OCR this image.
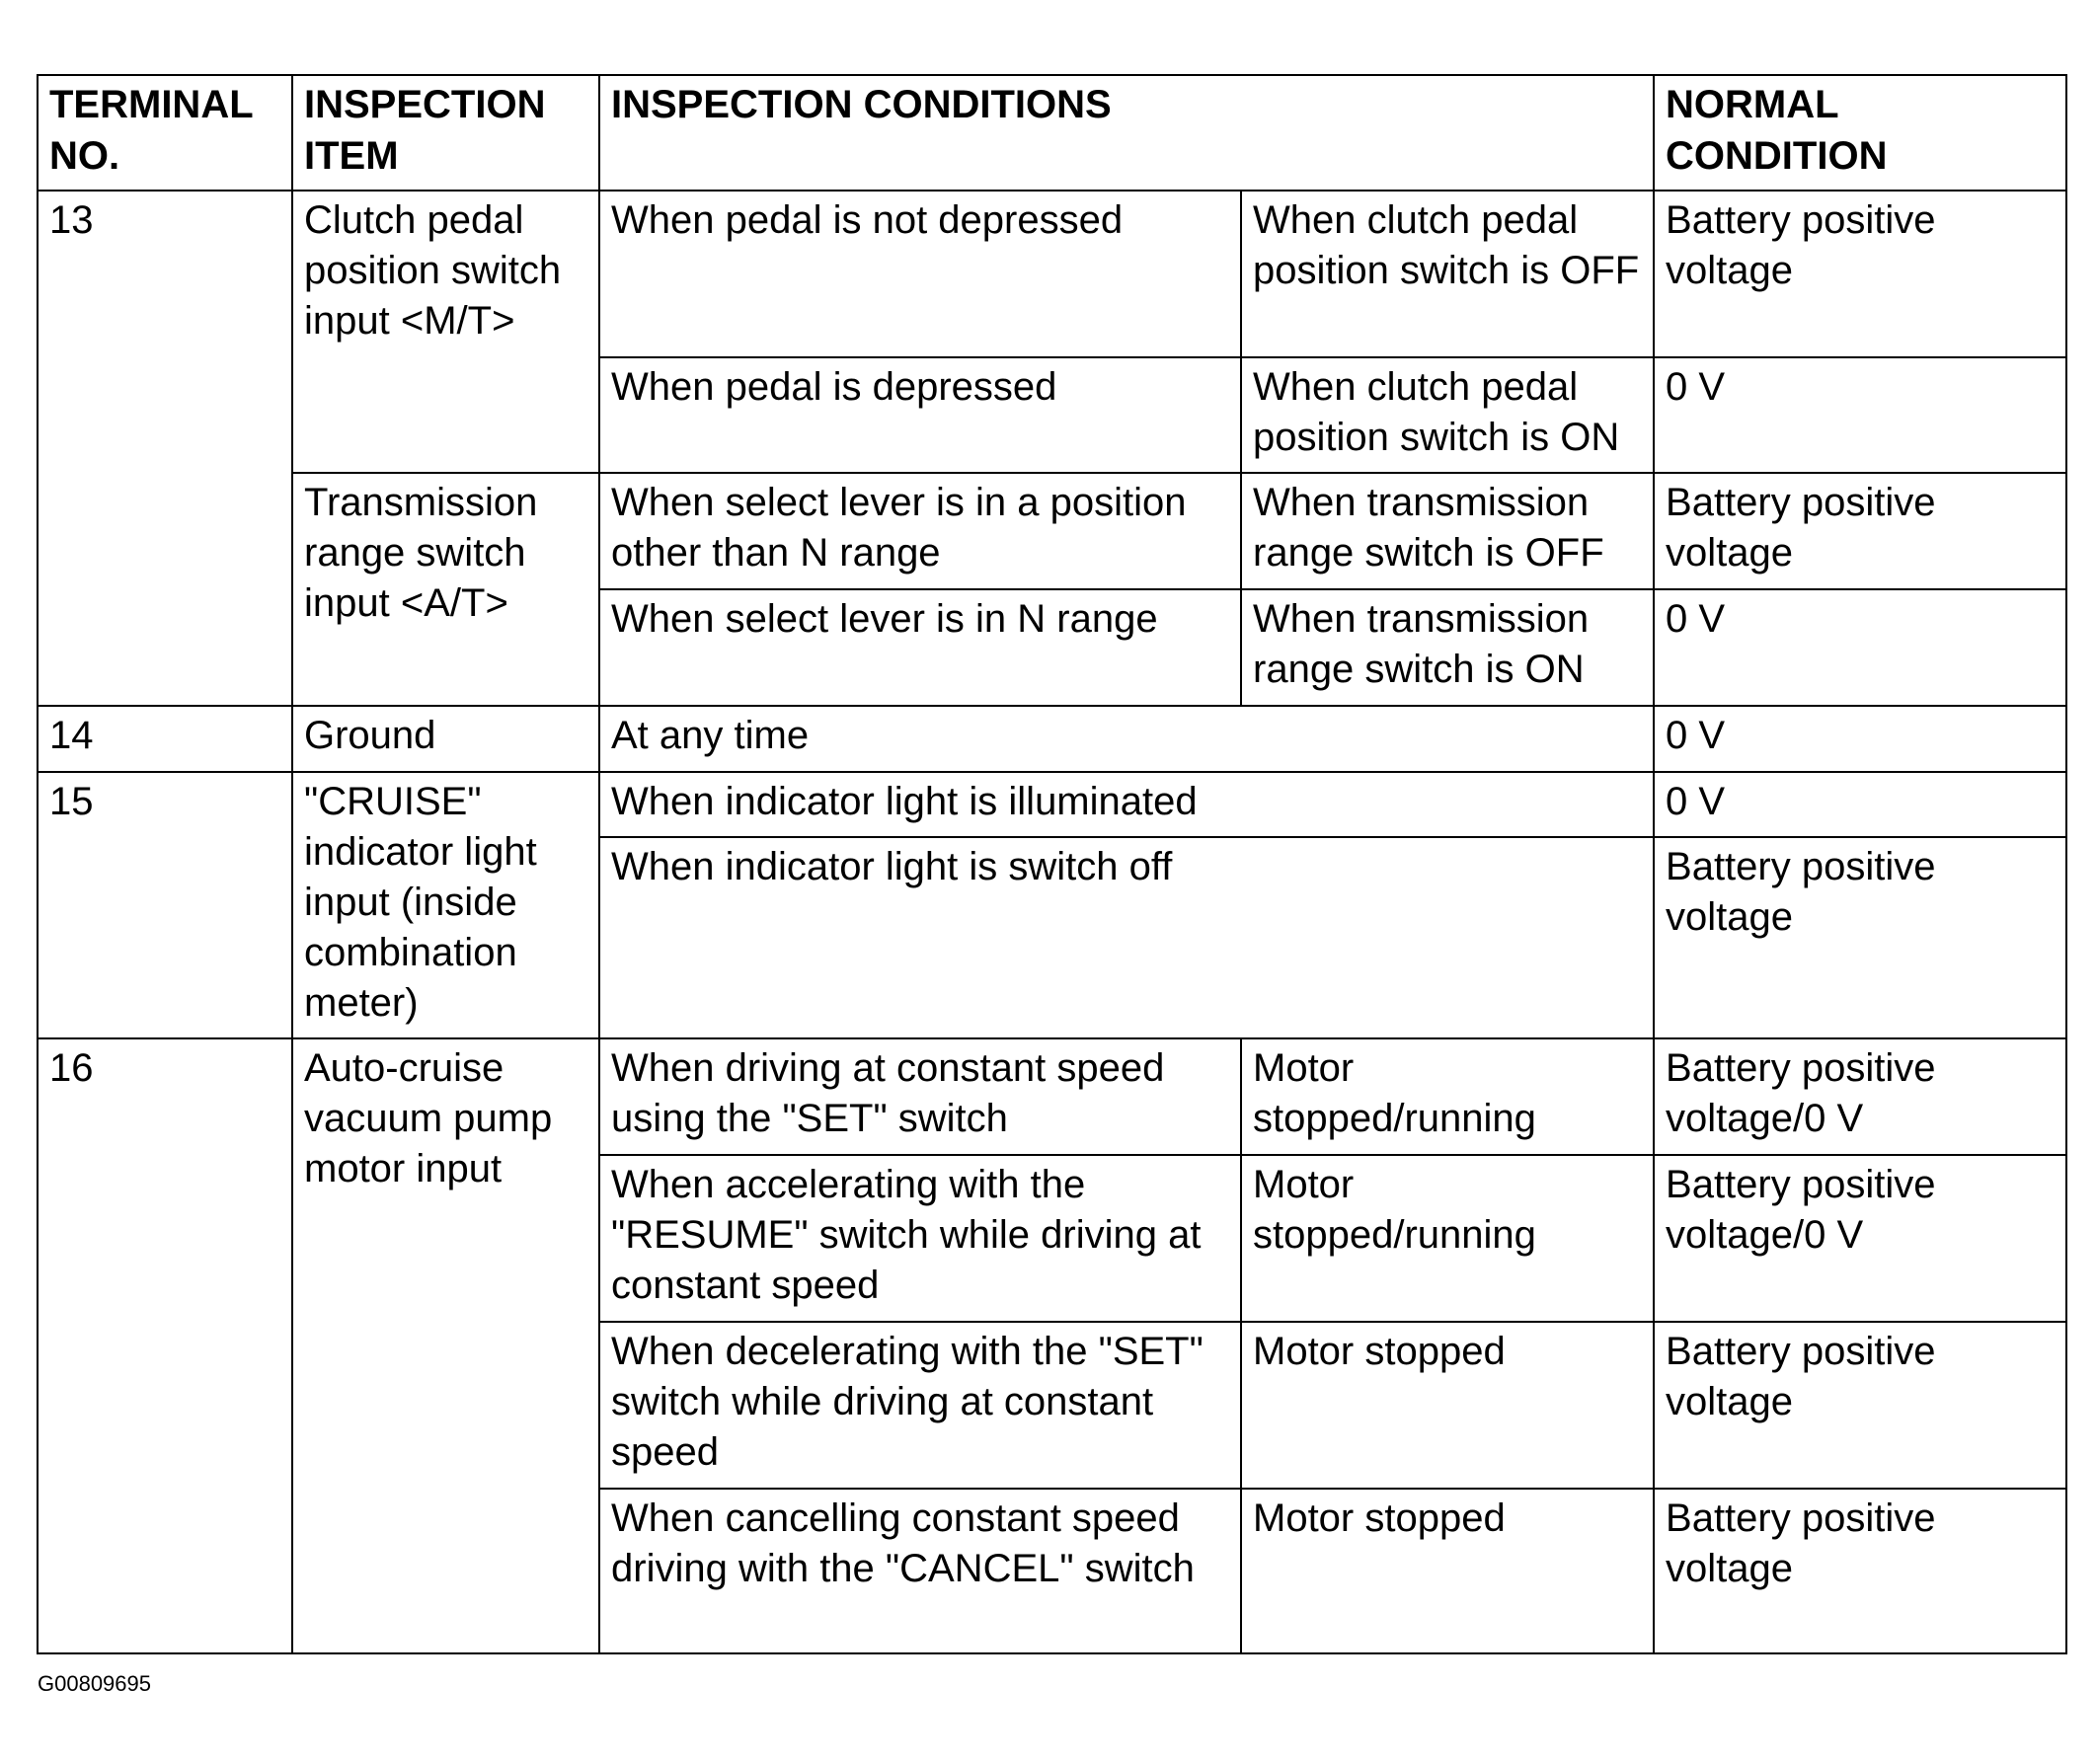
TERMINAL NO.	INSPECTION ITEM	INSPECTION CONDITIONS		NORMAL CONDITION
13	Clutch pedal position switch input <M/T>	When pedal is not depressed	When clutch pedal position switch is OFF	Battery positive voltage
		When pedal is depressed	When clutch pedal position switch is ON	0 V
	Transmission range switch input <A/T>	When select lever is in a position other than N range	When transmission range switch is OFF	Battery positive voltage
		When select lever is in N range	When transmission range switch is ON	0 V
14	Ground	At any time		0 V
15	"CRUISE" indicator light input (inside combination meter)	When indicator light is illuminated		0 V
		When indicator light is switch off		Battery positive voltage
16	Auto-cruise vacuum pump motor input	When driving at constant speed using the "SET" switch	Motor stopped/running	Battery positive voltage/0 V
		When accelerating with the "RESUME" switch while driving at constant speed	Motor stopped/running	Battery positive voltage/0 V
		When decelerating with the "SET" switch while driving at constant speed	Motor stopped	Battery positive voltage
		When cancelling constant speed driving with the "CANCEL" switch	Motor stopped	Battery positive voltage
G00809695
